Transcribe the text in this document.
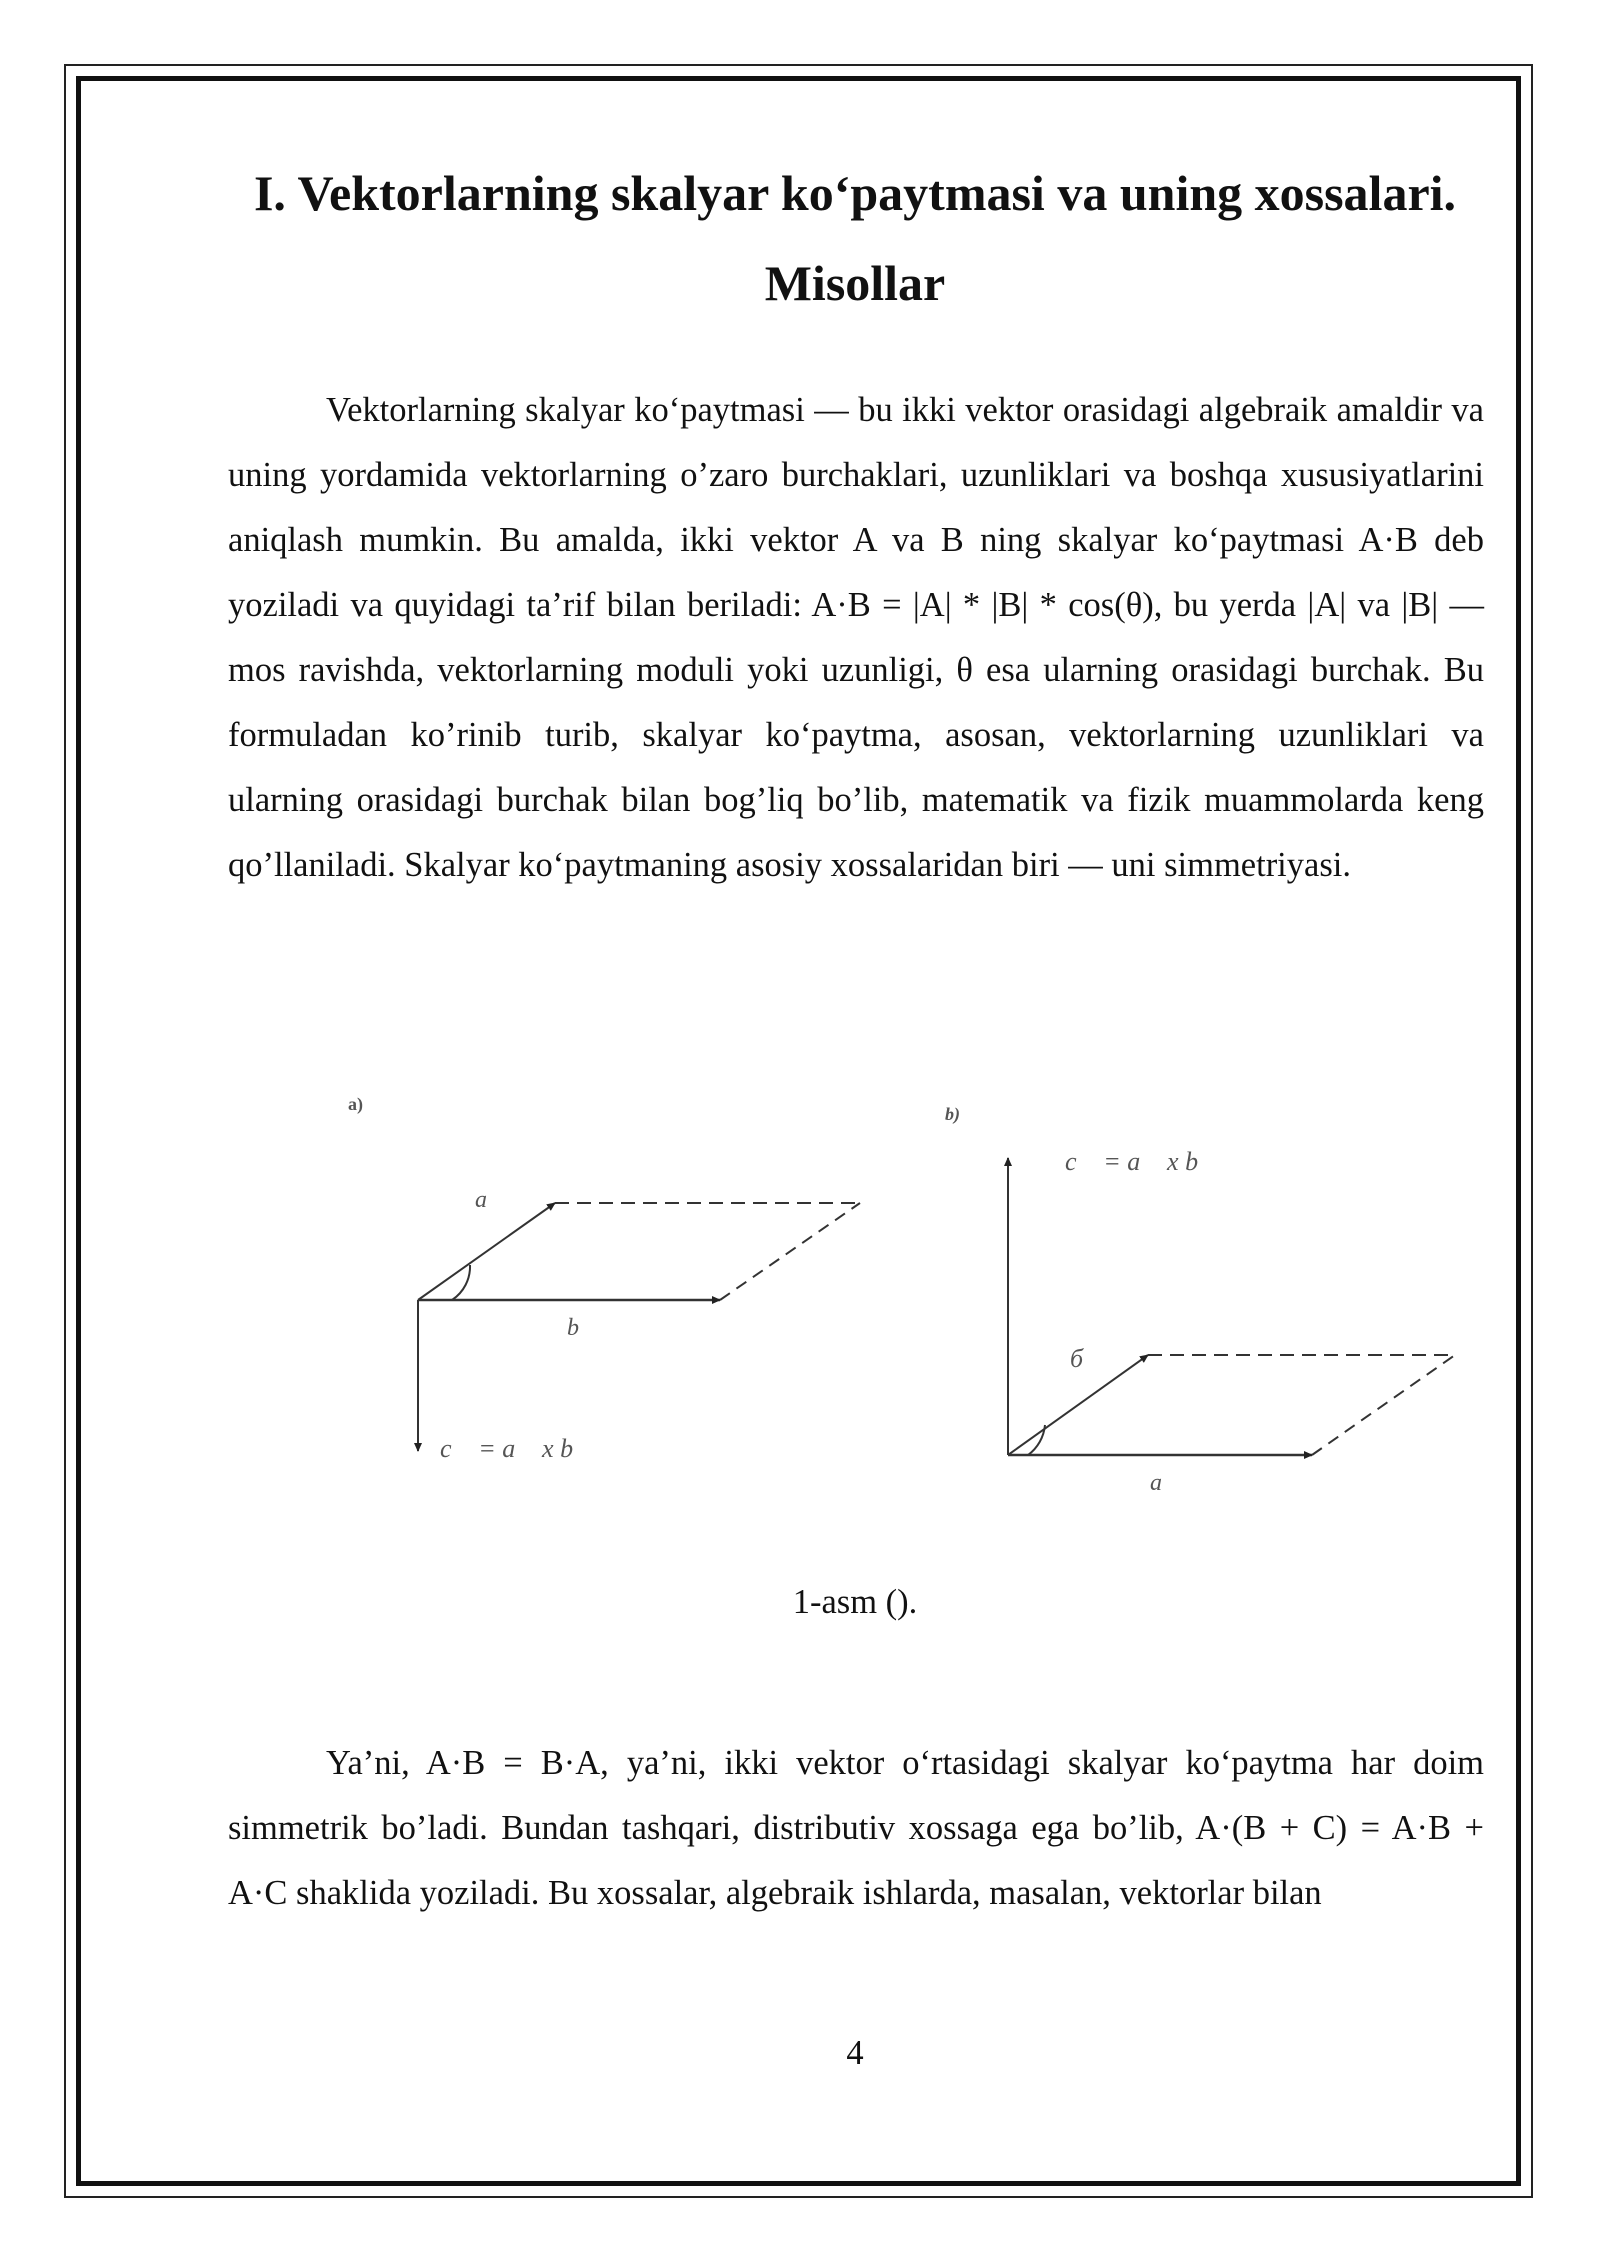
I. Vektorlarning skalyar ko‘paytmasi va uning xossalari. Misollar

Vektorlarning skalyar ko‘paytmasi — bu ikki vektor orasidagi algebraik amaldir va uning yordamida vektorlarning o’zaro burchaklari, uzunliklari va boshqa xususiyatlarini aniqlash mumkin. Bu amalda, ikki vektor A va B ning skalyar ko‘paytmasi A·B deb yoziladi va quyidagi ta’rif bilan beriladi: A·B = |A| * |B| * cos(θ), bu yerda |A| va |B| — mos ravishda, vektorlarning moduli yoki uzunligi, θ esa ularning orasidagi burchak. Bu formuladan ko’rinib turib, skalyar ko‘paytma, asosan, vektorlarning uzunliklari va ularning orasidagi burchak bilan bog’liq bo’lib, matematik va fizik muammolarda keng qo’llaniladi. Skalyar ko‘paytmaning asosiy xossalaridan biri — uni simmetriyasi.

a)
a⃗
b⃗
c⃗ = a⃗ x b⃗
b)
c⃗ = a⃗ x b⃗
б⃗
a⃗

1-asm ().

Ya’ni, A·B = B·A, ya’ni, ikki vektor o‘rtasidagi skalyar ko‘paytma har doim simmetrik bo’ladi. Bundan tashqari, distributiv xossaga ega bo’lib, A·(B + C) = A·B + A·C shaklida yoziladi. Bu xossalar, algebraik ishlarda, masalan, vektorlar bilan

4
